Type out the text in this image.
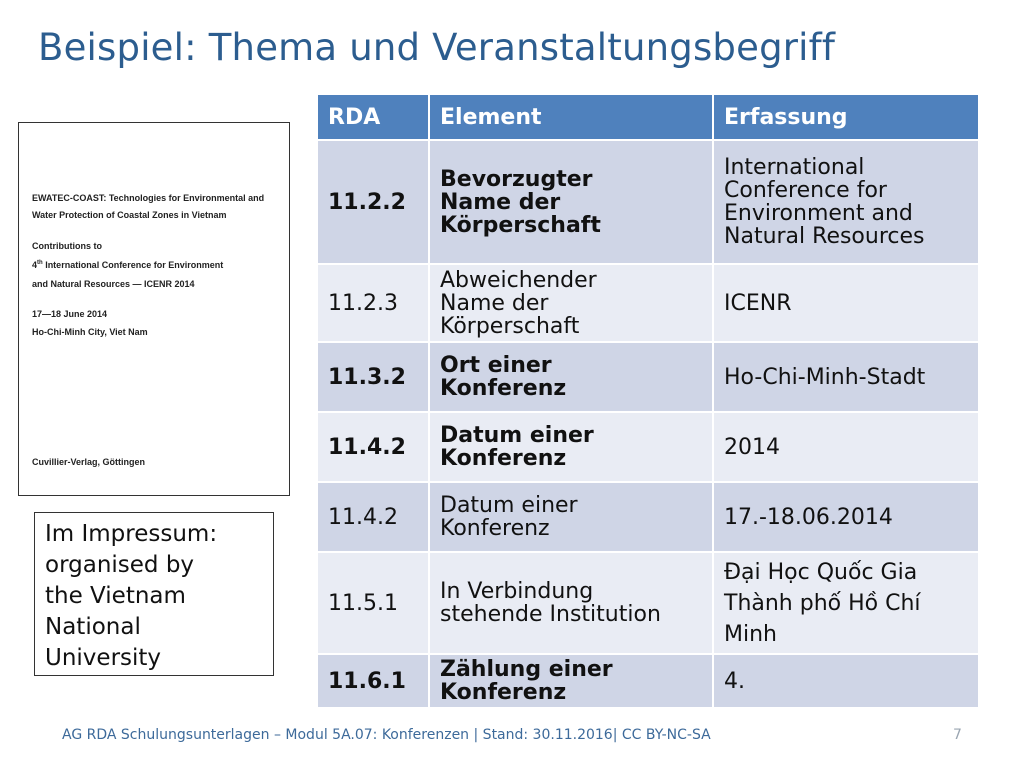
Beispiel: Thema und Veranstaltungsbegriff
EWATEC-COAST: Technologies for Environmental and
Water Protection of Coastal Zones in Vietnam
Contributions to
4th International Conference for Environment
and Natural Resources — ICENR 2014
17—18 June 2014
Ho-Chi-Minh City, Viet Nam
Cuvillier-Verlag, Göttingen
Im Impressum:
organised by
the Vietnam
National
University
RDA	Element	Erfassung
11.2.2	Bevorzugter
Name der
Körperschaft	International
Conference for
Environment and
Natural Resources

11.2.3	Abweichender
Name der
Körperschaft	ICENR

11.3.2	Ort einer
Konferenz	Ho-Chi-Minh-Stadt

11.4.2	Datum einer
Konferenz	2014

11.4.2	Datum einer
Konferenz	17.-18.06.2014

11.5.1	In Verbindung
stehende Institution	Đại Học Quốc Gia
Thành phố Hồ Chí
Minh

11.6.1	Zählung einer
Konferenz	4.
AG RDA Schulungsunterlagen – Modul 5A.07: Konferenzen | Stand: 30.11.2016| CC BY-NC-SA	7
